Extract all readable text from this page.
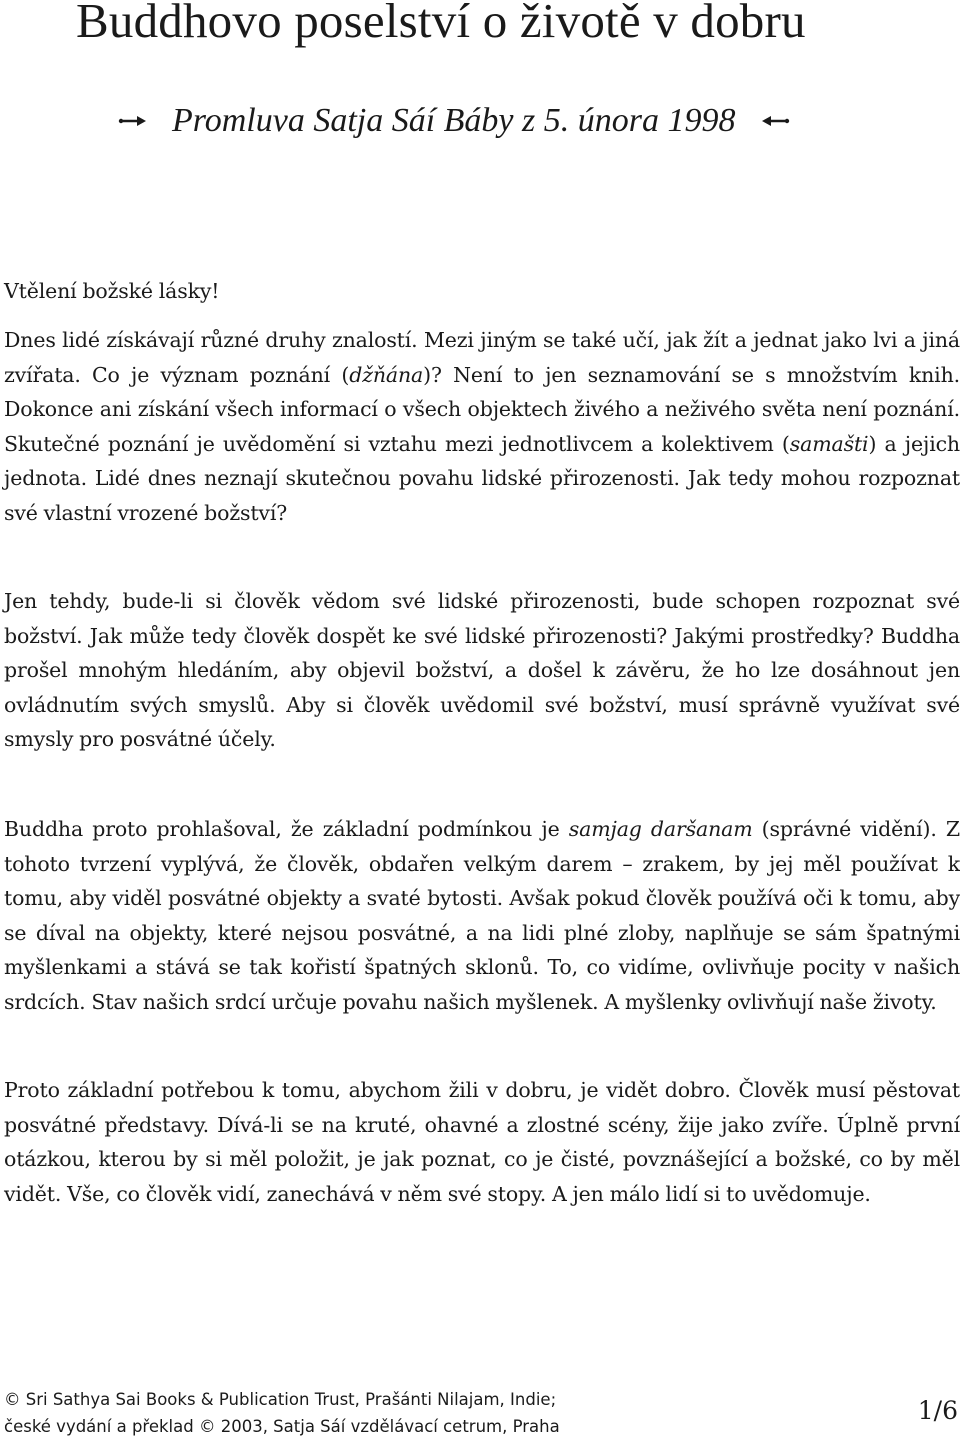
Buddhovo poselství o životě v dobru
Promluva Satja Sáí Báby z 5. února 1998

Vtělení božské lásky!

Dnes lidé získávají různé druhy znalostí. Mezi jiným se také učí, jak žít a jednat jako lvi a jiná zvířata. Co je význam poznání (džňána)? Není to jen seznamování se s množstvím knih. Dokonce ani získání všech informací o všech objektech živého a neživého světa není poznání. Skutečné poznání je uvědomění si vztahu mezi jednotlivcem a kolektivem (samašti) a jejich jednota. Lidé dnes neznají skutečnou povahu lidské přirozenosti. Jak tedy mohou rozpoznat své vlastní vrozené božství?

Jen tehdy, bude-li si člověk vědom své lidské přirozenosti, bude schopen rozpoznat své božství. Jak může tedy člověk dospět ke své lidské přirozenosti? Jakými prostředky? Buddha prošel mnohým hledáním, aby objevil božství, a došel k závěru, že ho lze dosáhnout jen ovládnutím svých smyslů. Aby si člověk uvědomil své božství, musí správně využívat své smysly pro posvátné účely.

Buddha proto prohlašoval, že základní podmínkou je samjag daršanam (správné vidění). Z tohoto tvrzení vyplývá, že člověk, obdařen velkým darem – zrakem, by jej měl používat k tomu, aby viděl posvátné objekty a svaté bytosti. Avšak pokud člověk používá oči k tomu, aby se díval na objekty, které nejsou posvátné, a na lidi plné zloby, naplňuje se sám špatnými myšlenkami a stává se tak kořistí špatných sklonů. To, co vidíme, ovlivňuje pocity v našich srdcích. Stav našich srdcí určuje povahu našich myšlenek. A myšlenky ovlivňují naše životy.

Proto základní potřebou k tomu, abychom žili v dobru, je vidět dobro. Člověk musí pěstovat posvátné představy. Dívá-li se na kruté, ohavné a zlostné scény, žije jako zvíře. Úplně první otázkou, kterou by si měl položit, je jak poznat, co je čisté, povznášející a božské, co by měl vidět. Vše, co člověk vidí, zanechává v něm své stopy. A jen málo lidí si to uvědomuje.

© Sri Sathya Sai Books & Publication Trust, Prašánti Nilajam, Indie;
české vydání a překlad © 2003, Satja Sáí vzdělávací cetrum, Praha
1/6
